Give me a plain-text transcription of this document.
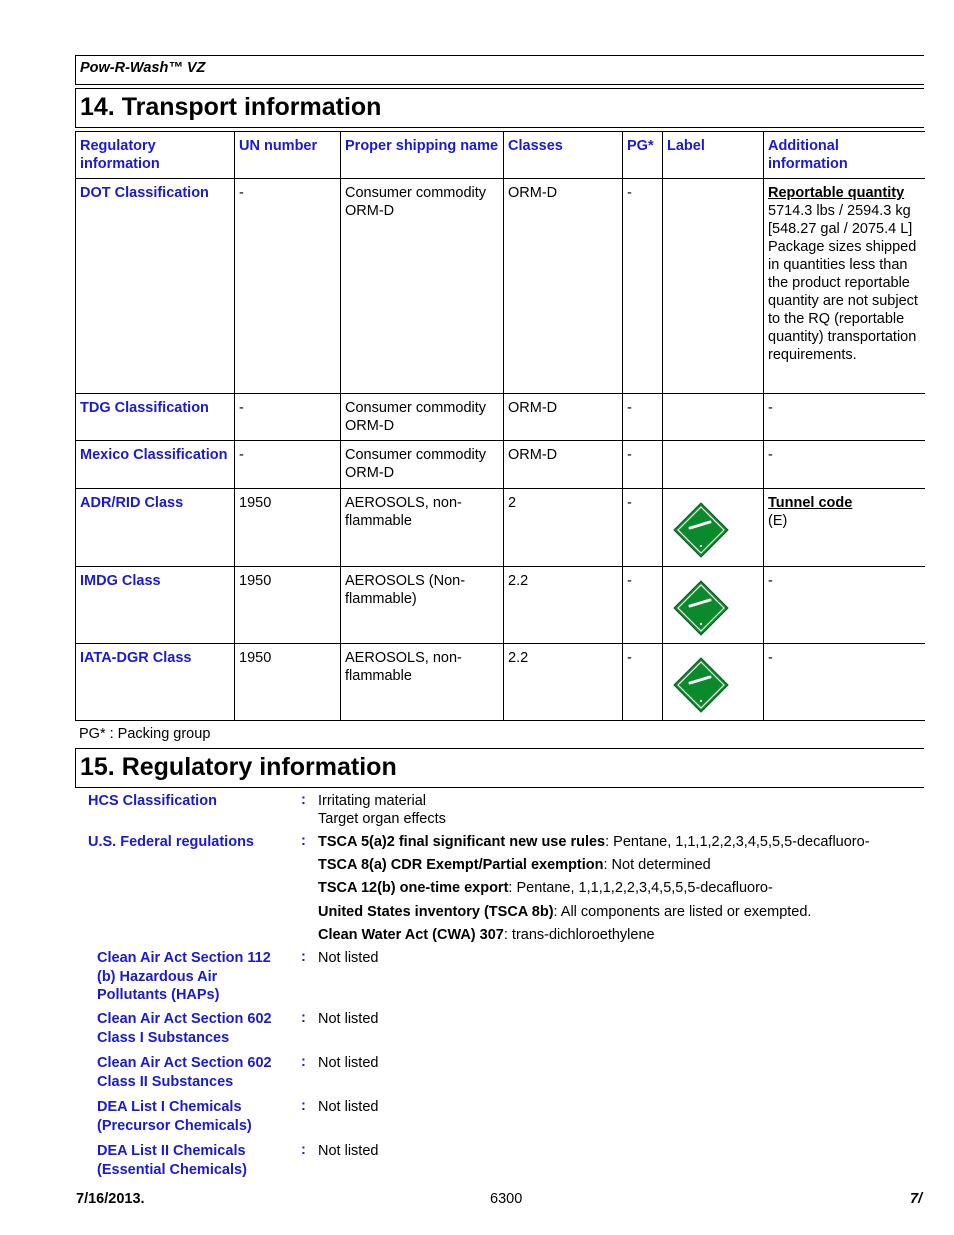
Pow-R-Wash™ VZ
14. Transport information
Regulatory information	UN number	Proper shipping name	Classes	PG*	Label	Additional information
DOT Classification	-	Consumer commodity ORM-D	ORM-D	-		Reportable quantity
5714.3 lbs / 2594.3 kg [548.27 gal / 2075.4 L] Package sizes shipped in quantities less than the product reportable quantity are not subject to the RQ (reportable quantity) transportation requirements.

TDG Classification	-	Consumer commodity ORM-D	ORM-D	-		-

Mexico Classification	-	Consumer commodity ORM-D	ORM-D	-		-

ADR/RID Class	1950	AEROSOLS, non-flammable	2	-		Tunnel code
(E)

IMDG Class	1950	AEROSOLS (Non-flammable)	2.2	-		-

IATA-DGR Class	1950	AEROSOLS, non-flammable	2.2	-		-
PG* : Packing group
15. Regulatory information
HCS Classification	: Irritating material
Target organ effects
U.S. Federal regulations	: TSCA 5(a)2 final significant new use rules: Pentane, 1,1,1,2,2,3,4,5,5,5-decafluoro-
TSCA 8(a) CDR Exempt/Partial exemption: Not determined
TSCA 12(b) one-time export: Pentane, 1,1,1,2,2,3,4,5,5,5-decafluoro-
United States inventory (TSCA 8b): All components are listed or exempted.
Clean Water Act (CWA) 307: trans-dichloroethylene
Clean Air Act Section 112
(b) Hazardous Air
Pollutants (HAPs)
: Not listed
Clean Air Act Section 602
Class I Substances
: Not listed
Clean Air Act Section 602
Class II Substances
: Not listed
DEA List I Chemicals
(Precursor Chemicals)
: Not listed
DEA List II Chemicals
(Essential Chemicals)
: Not listed
7/16/2013.	6300	7/
